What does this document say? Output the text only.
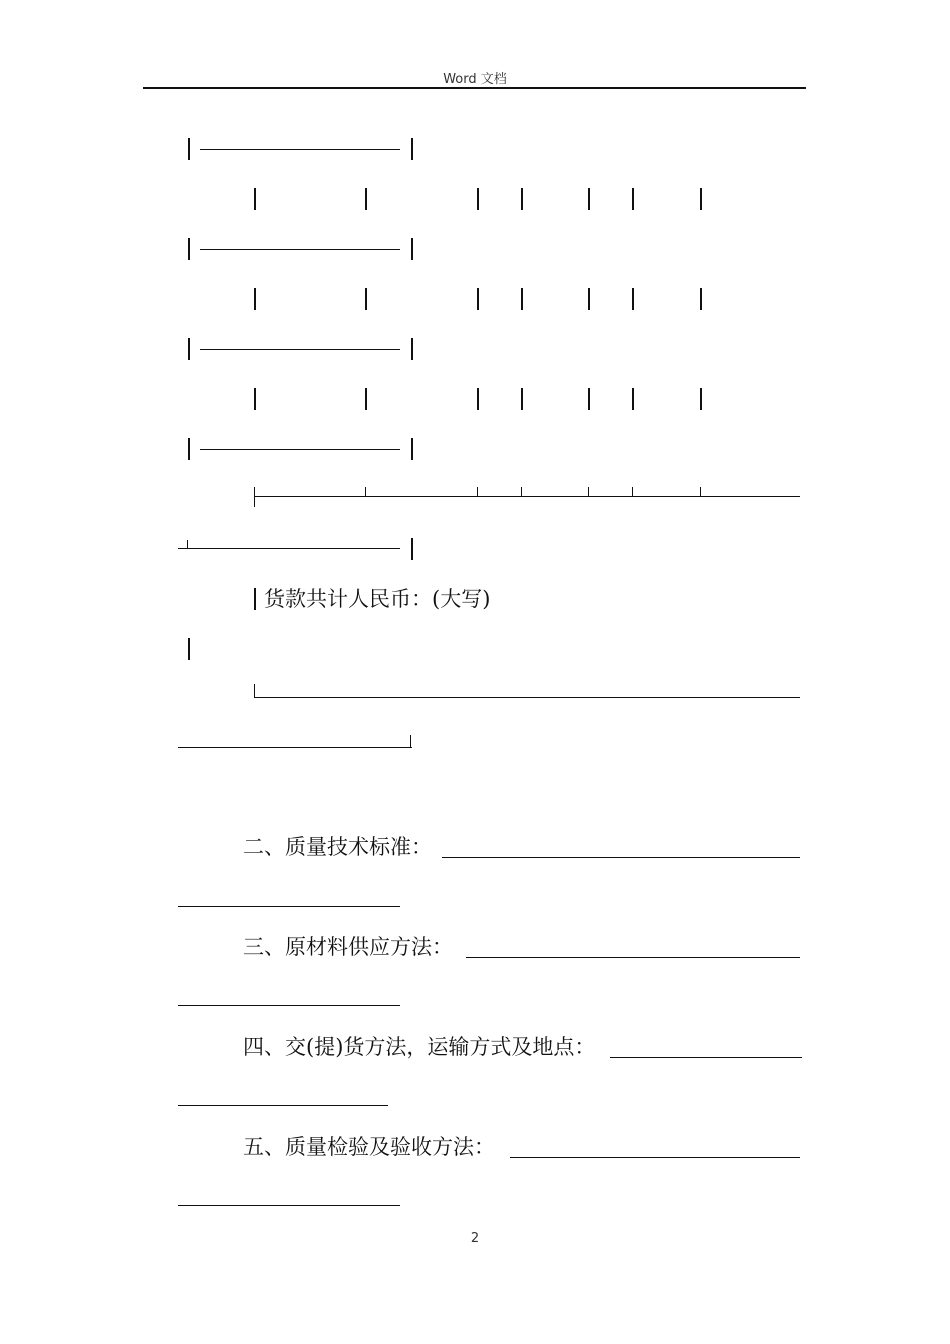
Word 文档
货款共计人民币：(大写)
二、质量技术标准：
三、原材料供应方法：
四、交(提)货方法，运输方式及地点：
五、质量检验及验收方法：
2
